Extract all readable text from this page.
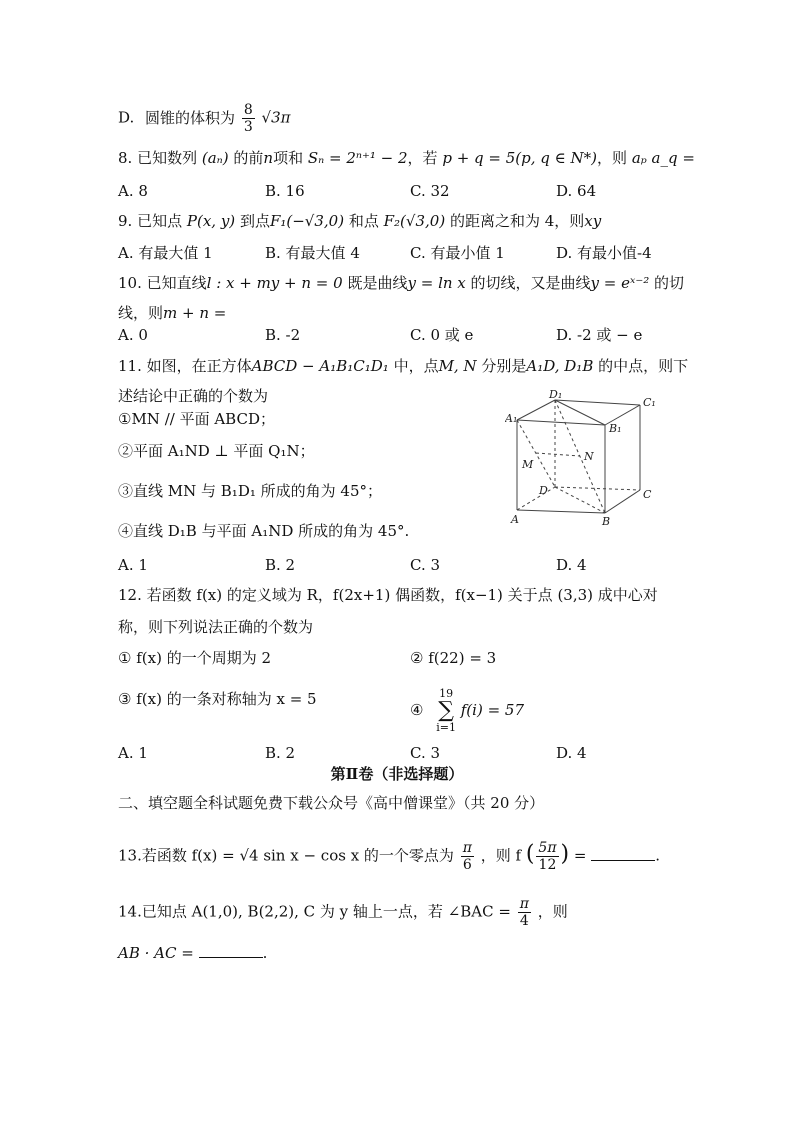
D. 圆锥的体积为 $\frac{8}{3} √3\pi$
8. 已知数列 (aₙ) 的前n项和 Sₙ = 2ⁿ⁺¹ − 2，若 p + q = 5(p, q ∈ N*)，则 aₚ a_q =
A. 8	B. 16	C. 32	D. 64
9. 已知点 P(x, y) 到点F₁(−√3,0) 和点 F₂(√3,0) 的距离之和为 4，则xy
A. 有最大值 1	B. 有最大值 4	C. 有最小值 1	D. 有最小值-4
10. 已知直线l : x + my + n = 0 既是曲线y = ln x 的切线，又是曲线y = eˣ⁻² 的切
线，则m + n =
A. 0	B. -2	C. 0 或 e	D. -2 或 − e
11. 如图，在正方体ABCD − A₁B₁C₁D₁ 中，点M, N 分别是A₁D, D₁B 的中点，则下
述结论中正确的个数为
①MN // 平面 ABCD；
②平面 A₁ND ⊥ 平面 Q₁N；
③直线 MN 与 B₁D₁ 所成的角为 45°；
④直线 D₁B 与平面 A₁ND 所成的角为 45°.
D₁
C₁
A₁
B₁
M
N
D	C
A	B
A. 1	B. 2	C. 3	D. 4
12. 若函数 f(x) 的定义域为 R，f(2x+1) 偶函数，f(x−1) 关于点 (3,3) 成中心对
称，则下列说法正确的个数为
① f(x) 的一个周期为 2	② f(22) = 3
③ f(x) 的一条对称轴为 x = 5
④ 19
∑
i=1 f(i) = 57
A. 1	B. 2	C. 3	D. 4
第Ⅱ卷（非选择题）
二、填空题全科试题免费下载公众号《高中僧课堂》（共 20 分）
13.若函数 f(x) = √4 sin x − cos x 的一个零点为 $\frac{\pi}{6}$ ，则 f ( $\frac{5\pi}{12}$ ) =	.
14.已知点 A(1,0), B(2,2), C 为 y 轴上一点，若 ∠BAC = $\frac{\pi}{4}$ ，则
AB · AC =	.
